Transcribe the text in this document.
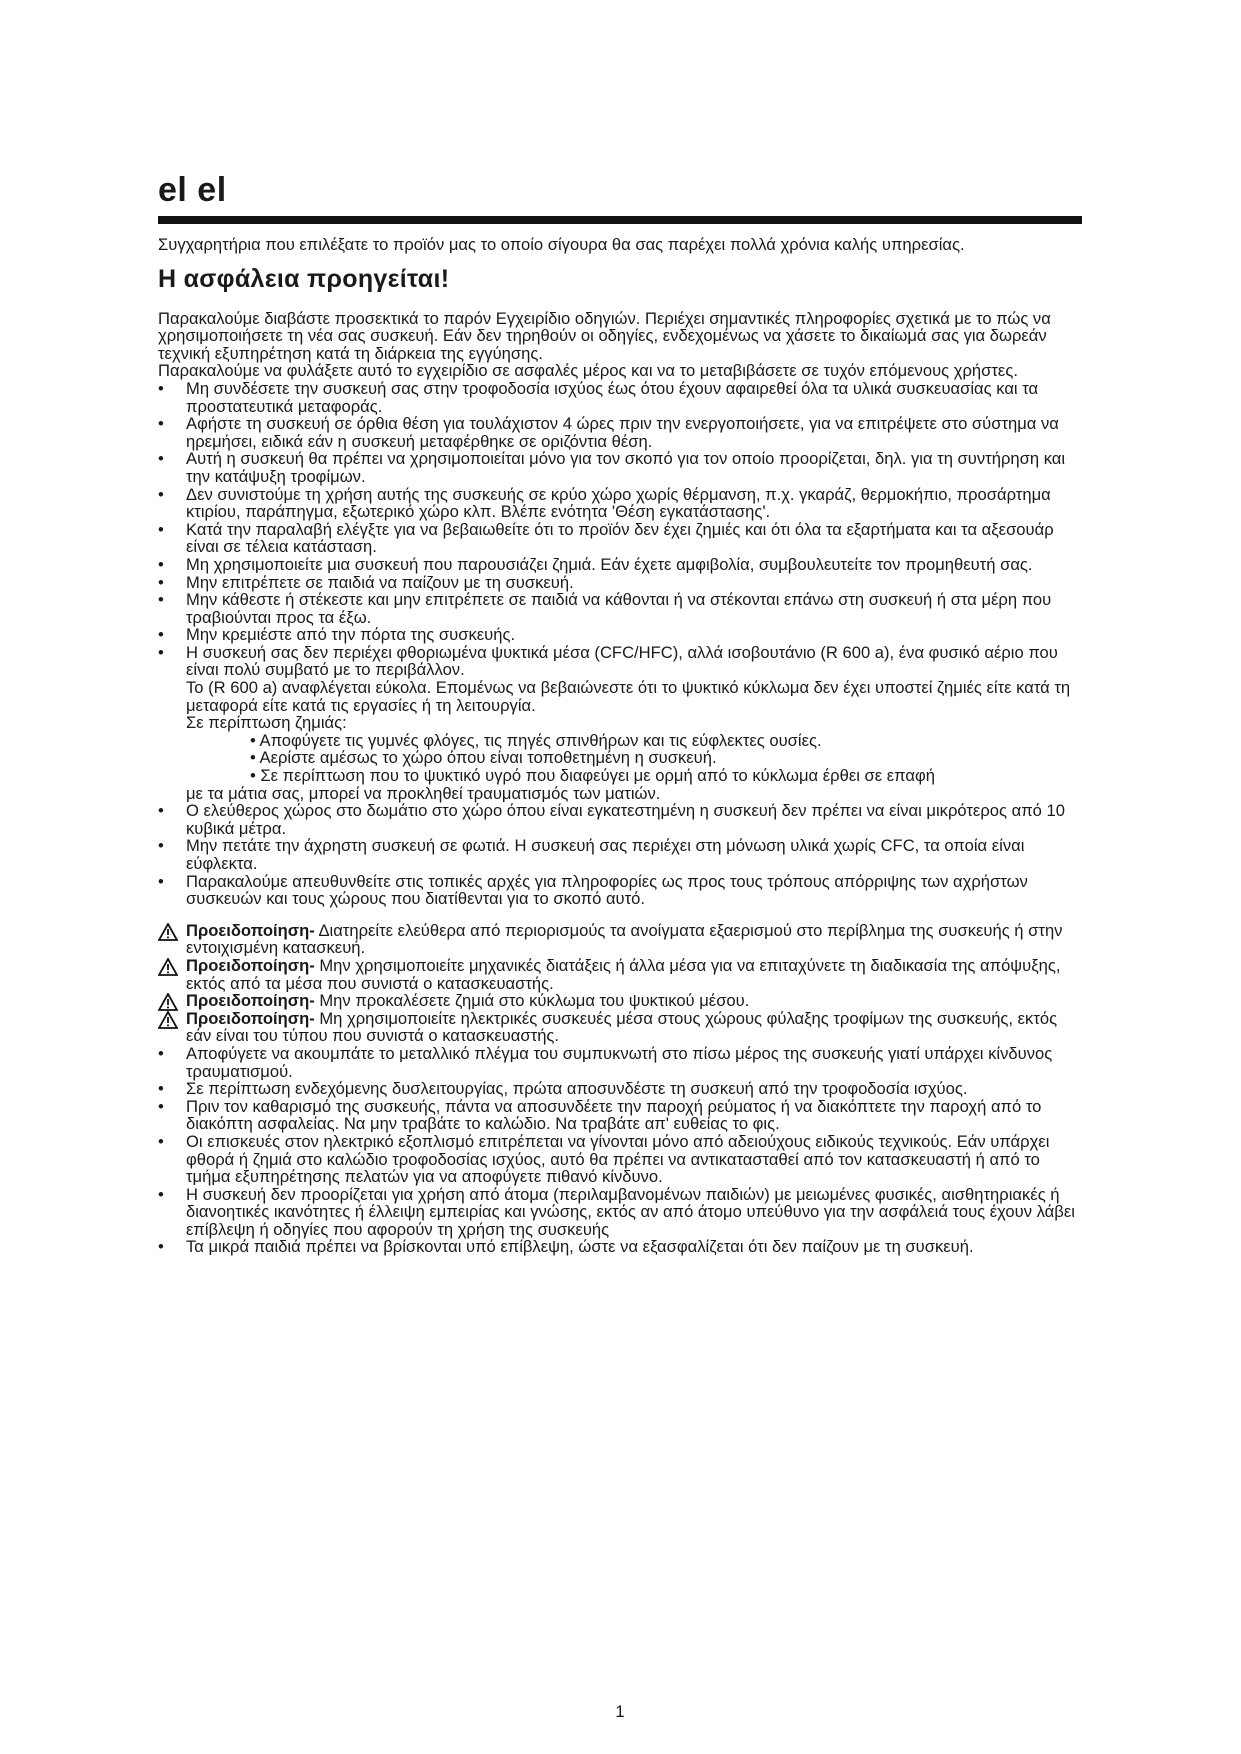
el el

Συγχαρητήρια που επιλέξατε το προϊόν μας το οποίο σίγουρα θα σας παρέχει πολλά χρόνια καλής υπηρεσίας.

Η ασφάλεια προηγείται!

Παρακαλούμε διαβάστε προσεκτικά το παρόν Εγχειρίδιο οδηγιών. Περιέχει σημαντικές πληροφορίες σχετικά με το πώς να χρησιμοποιήσετε τη νέα σας συσκευή. Εάν δεν τηρηθούν οι οδηγίες, ενδεχομένως να χάσετε το δικαίωμά σας για δωρεάν τεχνική εξυπηρέτηση κατά τη διάρκεια της εγγύησης.

Παρακαλούμε να φυλάξετε αυτό το εγχειρίδιο σε ασφαλές μέρος και να το μεταβιβάσετε σε τυχόν επόμενους χρήστες.

• Μη συνδέσετε την συσκευή σας στην τροφοδοσία ισχύος έως ότου έχουν αφαιρεθεί όλα τα υλικά συσκευασίας και τα προστατευτικά μεταφοράς.
• Αφήστε τη συσκευή σε όρθια θέση για τουλάχιστον 4 ώρες πριν την ενεργοποιήσετε, για να επιτρέψετε στο σύστημα να ηρεμήσει, ειδικά εάν η συσκευή μεταφέρθηκε σε οριζόντια θέση.
• Αυτή η συσκευή θα πρέπει να χρησιμοποιείται μόνο για τον σκοπό για τον οποίο προορίζεται, δηλ. για τη συντήρηση και την κατάψυξη τροφίμων.
• Δεν συνιστούμε τη χρήση αυτής της συσκευής σε κρύο χώρο χωρίς θέρμανση, π.χ. γκαράζ, θερμοκήπιο, προσάρτημα κτιρίου, παράπηγμα, εξωτερικό χώρο κλπ. Βλέπε ενότητα 'Θέση εγκατάστασης'.
• Κατά την παραλαβή ελέγξτε για να βεβαιωθείτε ότι το προϊόν δεν έχει ζημιές και ότι όλα τα εξαρτήματα και τα αξεσουάρ είναι σε τέλεια κατάσταση.
• Μη χρησιμοποιείτε μια συσκευή που παρουσιάζει ζημιά. Εάν έχετε αμφιβολία, συμβουλευτείτε τον προμηθευτή σας.
• Μην επιτρέπετε σε παιδιά να παίζουν με τη συσκευή.
• Μην κάθεστε ή στέκεστε και μην επιτρέπετε σε παιδιά να κάθονται ή να στέκονται επάνω στη συσκευή ή στα μέρη που τραβιούνται προς τα έξω.
• Μην κρεμιέστε από την πόρτα της συσκευής.
• Η συσκευή σας δεν περιέχει φθοριωμένα ψυκτικά μέσα (CFC/HFC), αλλά ισοβουτάνιο (R 600 a), ένα φυσικό αέριο που είναι πολύ συμβατό με το περιβάλλον.

Το (R 600 a) αναφλέγεται εύκολα. Επομένως να βεβαιώνεστε ότι το ψυκτικό κύκλωμα δεν έχει υποστεί ζημιές είτε κατά τη μεταφορά είτε κατά τις εργασίες ή τη λειτουργία.

Σε περίπτωση ζημιάς:

• Αποφύγετε τις γυμνές φλόγες, τις πηγές σπινθήρων και τις εύφλεκτες ουσίες.

• Αερίστε αμέσως το χώρο όπου είναι τοποθετημένη η συσκευή.

• Σε περίπτωση που το ψυκτικό υγρό που διαφεύγει με ορμή από το κύκλωμα έρθει σε επαφή

με τα μάτια σας, μπορεί να προκληθεί τραυματισμός των ματιών.

• Ο ελεύθερος χώρος στο δωμάτιο στο χώρο όπου είναι εγκατεστημένη η συσκευή δεν πρέπει να είναι μικρότερος από 10 κυβικά μέτρα.
• Μην πετάτε την άχρηστη συσκευή σε φωτιά. Η συσκευή σας περιέχει στη μόνωση υλικά χωρίς CFC, τα οποία είναι εύφλεκτα.
• Παρακαλούμε απευθυνθείτε στις τοπικές αρχές για πληροφορίες ως προς τους τρόπους απόρριψης των αχρήστων συσκευών και τους χώρους που διατίθενται για το σκοπό αυτό.

Προειδοποίηση- Διατηρείτε ελεύθερα από περιορισμούς τα ανοίγματα εξαερισμού στο περίβλημα της συσκευής ή στην εντοιχισμένη κατασκευή.

Προειδοποίηση- Μην χρησιμοποιείτε μηχανικές διατάξεις ή άλλα μέσα για να επιταχύνετε τη διαδικασία της απόψυξης, εκτός από τα μέσα που συνιστά ο κατασκευαστής.

Προειδοποίηση- Μην προκαλέσετε ζημιά στο κύκλωμα του ψυκτικού μέσου.

Προειδοποίηση- Μη χρησιμοποιείτε ηλεκτρικές συσκευές μέσα στους χώρους φύλαξης τροφίμων της συσκευής, εκτός εάν είναι του τύπου που συνιστά ο κατασκευαστής.

• Αποφύγετε να ακουμπάτε το μεταλλικό πλέγμα του συμπυκνωτή στο πίσω μέρος της συσκευής γιατί υπάρχει κίνδυνος τραυματισμού.
• Σε περίπτωση ενδεχόμενης δυσλειτουργίας, πρώτα αποσυνδέστε τη συσκευή από την τροφοδοσία ισχύος.
• Πριν τον καθαρισμό της συσκευής, πάντα να αποσυνδέετε την παροχή ρεύματος ή να διακόπτετε την παροχή από το διακόπτη ασφαλείας. Να μην τραβάτε το καλώδιο. Να τραβάτε απ' ευθείας το φις.
• Οι επισκευές στον ηλεκτρικό εξοπλισμό επιτρέπεται να γίνονται μόνο από αδειούχους ειδικούς τεχνικούς. Εάν υπάρχει φθορά ή ζημιά στο καλώδιο τροφοδοσίας ισχύος, αυτό θα πρέπει να αντικατασταθεί από τον κατασκευαστή ή από το τμήμα εξυπηρέτησης πελατών για να αποφύγετε πιθανό κίνδυνο.
• Η συσκευή δεν προορίζεται για χρήση από άτομα (περιλαμβανομένων παιδιών) με μειωμένες φυσικές, αισθητηριακές ή διανοητικές ικανότητες ή έλλειψη εμπειρίας και γνώσης, εκτός αν από άτομο υπεύθυνο για την ασφάλειά τους έχουν λάβει επίβλεψη ή οδηγίες που αφορούν τη χρήση της συσκευής
• Τα μικρά παιδιά πρέπει να βρίσκονται υπό επίβλεψη, ώστε να εξασφαλίζεται ότι δεν παίζουν με τη συσκευή.
1
